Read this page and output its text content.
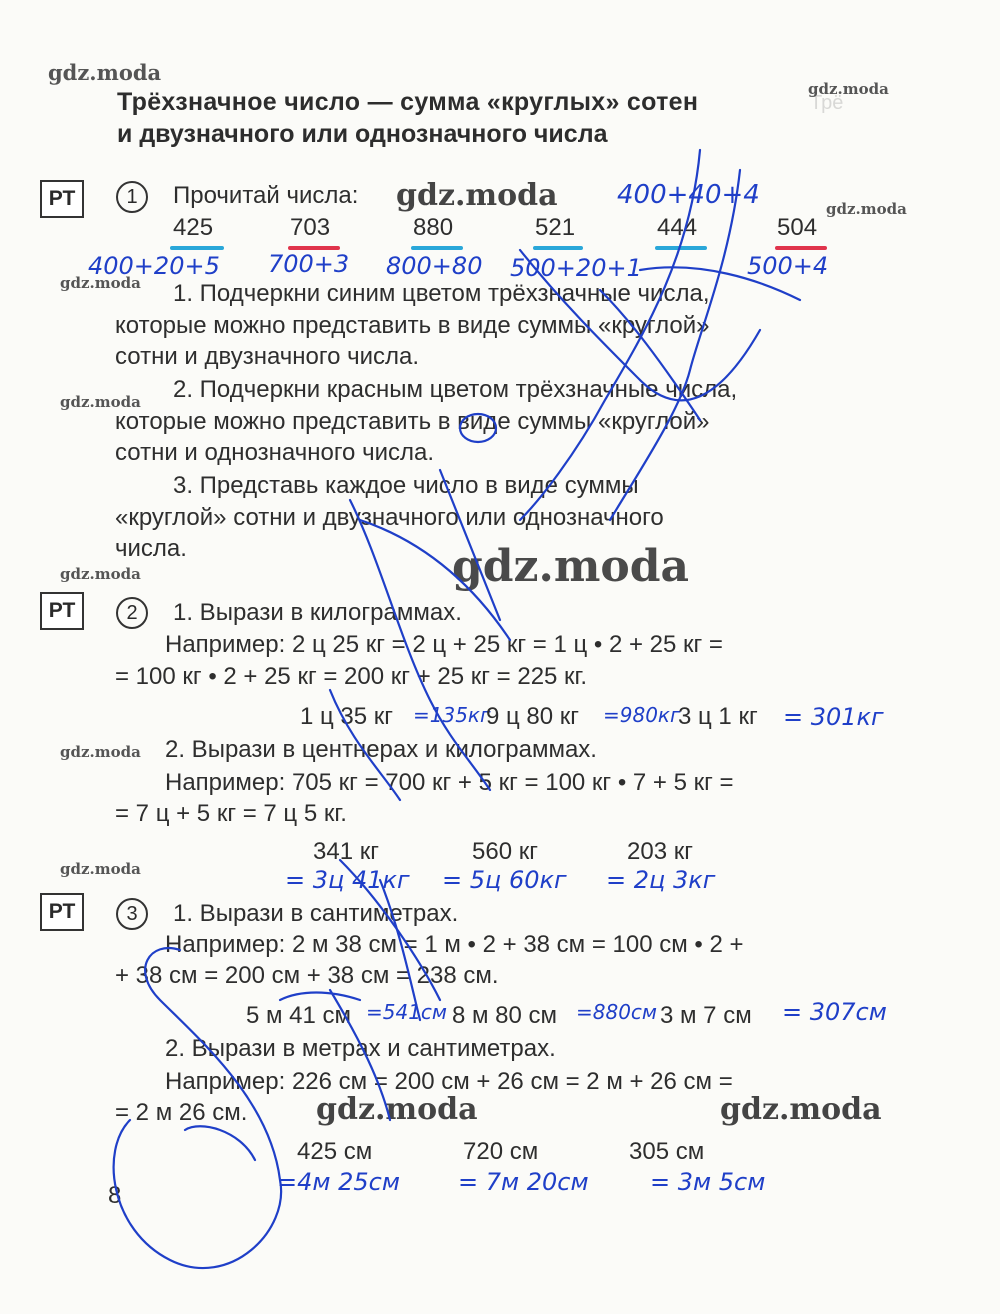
Трё
gdz.moda
gdz.moda
gdz.moda	gdz.moda
gdz.moda
gdz.moda
gdz.moda
gdz.moda
gdz.moda
gdz.moda
gdz.moda	gdz.moda
Трёхзначное число — сумма «круглых» сотен
и двузначного или однозначного числа
РТ	1	Прочитай числа:	400+40+4
425	703	880	521	444	504
400+20+5 700+3 800+80 500+20+1	500+4
1. Подчеркни синим цветом трёхзначные числа,
которые можно представить в виде суммы «круглой»
сотни и двузначного числа.
2. Подчеркни красным цветом трёхзначные числа,
которые можно представить в виде суммы «круглой»
сотни и однозначного числа.
3. Представь каждое число в виде суммы
«круглой» сотни и двузначного или однозначного
числа.
РТ	2	1. Вырази в килограммах.
Например: 2 ц 25 кг = 2 ц + 25 кг = 1 ц • 2 + 25 кг =
= 100 кг • 2 + 25 кг = 200 кг + 25 кг = 225 кг.
1 ц 35 кг =135кг
9 ц 80 кг =980кг
3 ц 1 кг = 301кг
2. Вырази в центнерах и килограммах.
Например: 705 кг = 700 кг + 5 кг = 100 кг • 7 + 5 кг =
= 7 ц + 5 кг = 7 ц 5 кг.
341 кг	560 кг	203 кг
= 3ц 41кг = 5ц 60кг = 2ц 3кг
РТ	3	1. Вырази в сантиметрах.
Например: 2 м 38 см = 1 м • 2 + 38 см = 100 см • 2 +
+ 38 см = 200 см + 38 см = 238 см.
5 м 41 см =541см 8 м 80 см =880см 3 м 7 см = 307см
2. Вырази в метрах и сантиметрах.
Например: 226 см = 200 см + 26 см = 2 м + 26 см =
= 2 м 26 см.
425 см	720 см	305 см
=4м 25см = 7м 20см	= 3м 5см
8
